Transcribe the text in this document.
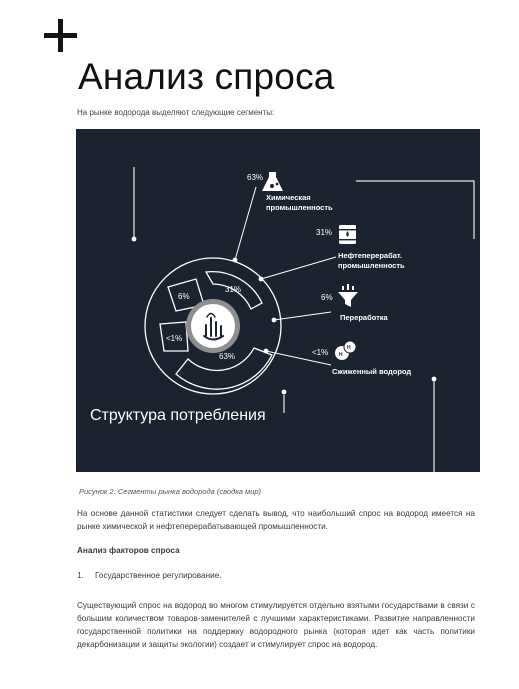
Анализ спроса
На рынке водорода выделяют следующие сегменты:
31%
6%
<1%
63%
63%
31%
6%
<1%
Химическая
промышленность
Нефтеперерабат.
промышленность
Переработка
Сжиженный водород
H
H
Структура потребления
Рисунок 2. Сегменты рынка водорода (сводка мир)
На основе данной статистики следует сделать вывод, что наибольший спрос на водород имеется на рынке химической и нефтеперерабатывающей промышленности.
Анализ факторов спроса
1. Государственное регулирование.
Существующий спрос на водород во многом стимулируется отдельно взятыми государствами в связи с большим количеством товаров-заменителей с лучшими характеристиками. Развитие направленности государственной политики на поддержку водородного рынка (которая идет как часть политики декарбонизации и защиты экологии) создает и стимулирует спрос на водород.
